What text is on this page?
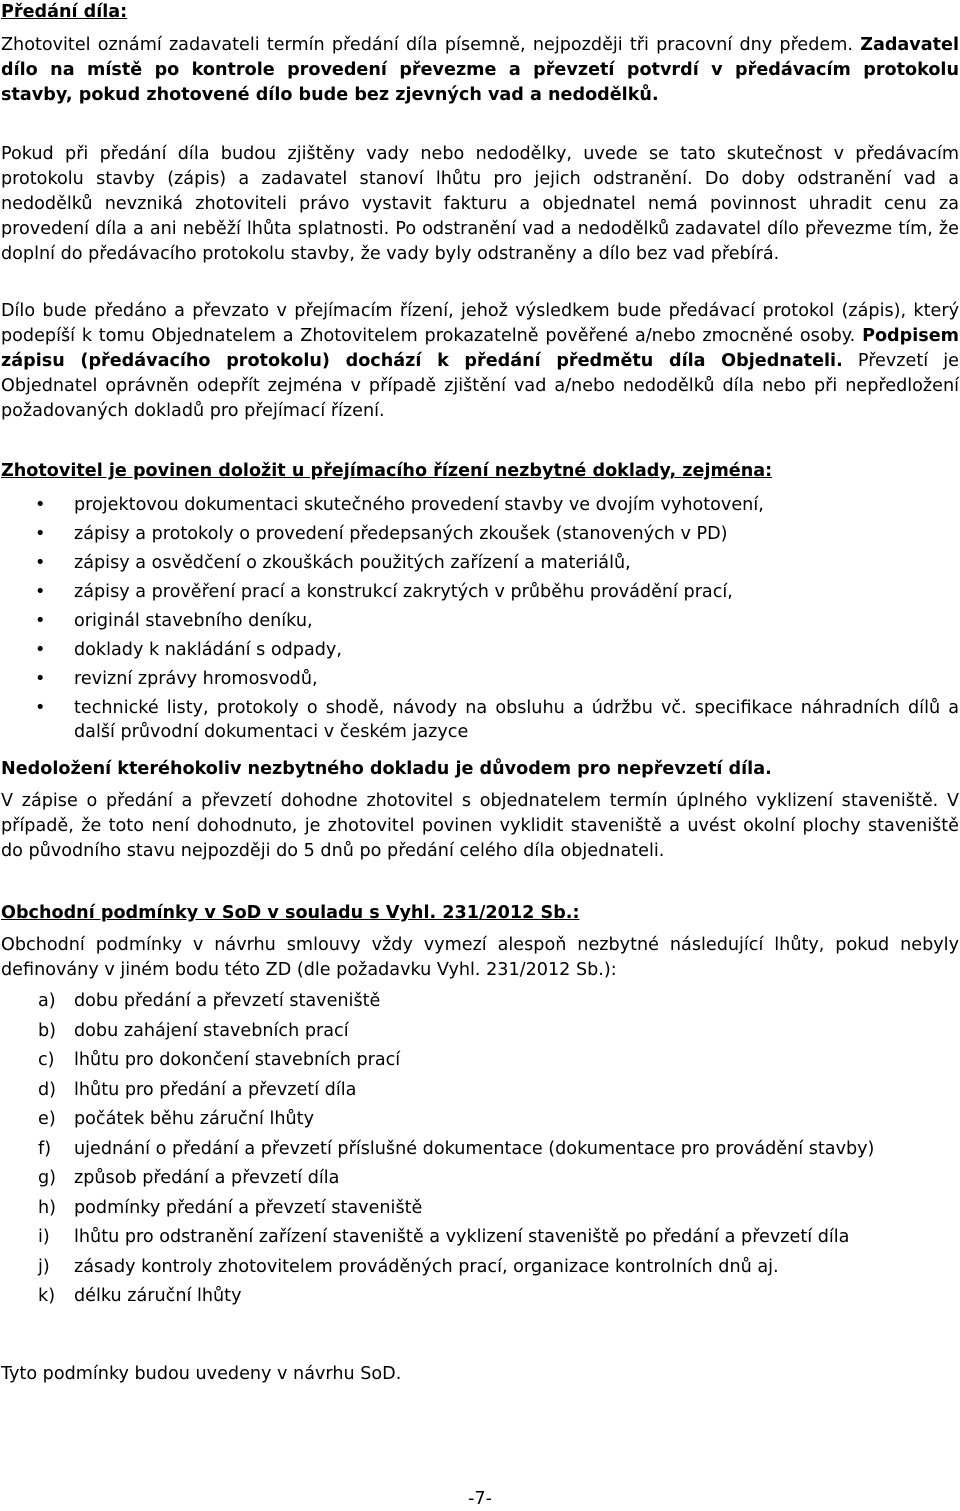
Předání díla:

Zhotovitel oznámí zadavateli termín předání díla písemně, nejpozději tři pracovní dny předem. Zadavatel dílo na místě po kontrole provedení převezme a převzetí potvrdí v předávacím protokolu stavby, pokud zhotovené dílo bude bez zjevných vad a nedodělků.

Pokud při předání díla budou zjištěny vady nebo nedodělky, uvede se tato skutečnost v předávacím protokolu stavby (zápis) a zadavatel stanoví lhůtu pro jejich odstranění. Do doby odstranění vad a nedodělků nevzniká zhotoviteli právo vystavit fakturu a objednatel nemá povinnost uhradit cenu za provedení díla a ani neběží lhůta splatnosti. Po odstranění vad a nedodělků zadavatel dílo převezme tím, že doplní do předávacího protokolu stavby, že vady byly odstraněny a dílo bez vad přebírá.

Dílo bude předáno a převzato v přejímacím řízení, jehož výsledkem bude předávací protokol (zápis), který podepíší k tomu Objednatelem a Zhotovitelem prokazatelně pověřené a/nebo zmocněné osoby. Podpisem zápisu (předávacího protokolu) dochází k předání předmětu díla Objednateli. Převzetí je Objednatel oprávněn odepřít zejména v případě zjištění vad a/nebo nedodělků díla nebo při nepředložení požadovaných dokladů pro přejímací řízení.

Zhotovitel je povinen doložit u přejímacího řízení nezbytné doklady, zejména:
• projektovou dokumentaci skutečného provedení stavby ve dvojím vyhotovení,
• zápisy a protokoly o provedení předepsaných zkoušek (stanovených v PD)
• zápisy a osvědčení o zkouškách použitých zařízení a materiálů,
• zápisy a prověření prací a konstrukcí zakrytých v průběhu provádění prací,
• originál stavebního deníku,
• doklady k nakládání s odpady,
• revizní zprávy hromosvodů,
• technické listy, protokoly o shodě, návody na obsluhu a údržbu vč. specifikace náhradních dílů a další průvodní dokumentaci v českém jazyce
Nedoložení kteréhokoliv nezbytného dokladu je důvodem pro nepřevzetí díla.

V zápise o předání a převzetí dohodne zhotovitel s objednatelem termín úplného vyklizení staveniště. V případě, že toto není dohodnuto, je zhotovitel povinen vyklidit staveniště a uvést okolní plochy staveniště do původního stavu nejpozději do 5 dnů po předání celého díla objednateli.

Obchodní podmínky v SoD v souladu s Vyhl. 231/2012 Sb.:

Obchodní podmínky v návrhu smlouvy vždy vymezí alespoň nezbytné následující lhůty, pokud nebyly definovány v jiném bodu této ZD (dle požadavku Vyhl. 231/2012 Sb.):

a) dobu předání a převzetí staveniště
b) dobu zahájení stavebních prací
c) lhůtu pro dokončení stavebních prací
d) lhůtu pro předání a převzetí díla
e) počátek běhu záruční lhůty
f) ujednání o předání a převzetí příslušné dokumentace (dokumentace pro provádění stavby)
g) způsob předání a převzetí díla
h) podmínky předání a převzetí staveniště
i) lhůtu pro odstranění zařízení staveniště a vyklizení staveniště po předání a převzetí díla
j) zásady kontroly zhotovitelem prováděných prací, organizace kontrolních dnů aj.
k) délku záruční lhůty
Tyto podmínky budou uvedeny v návrhu SoD.
-7-
